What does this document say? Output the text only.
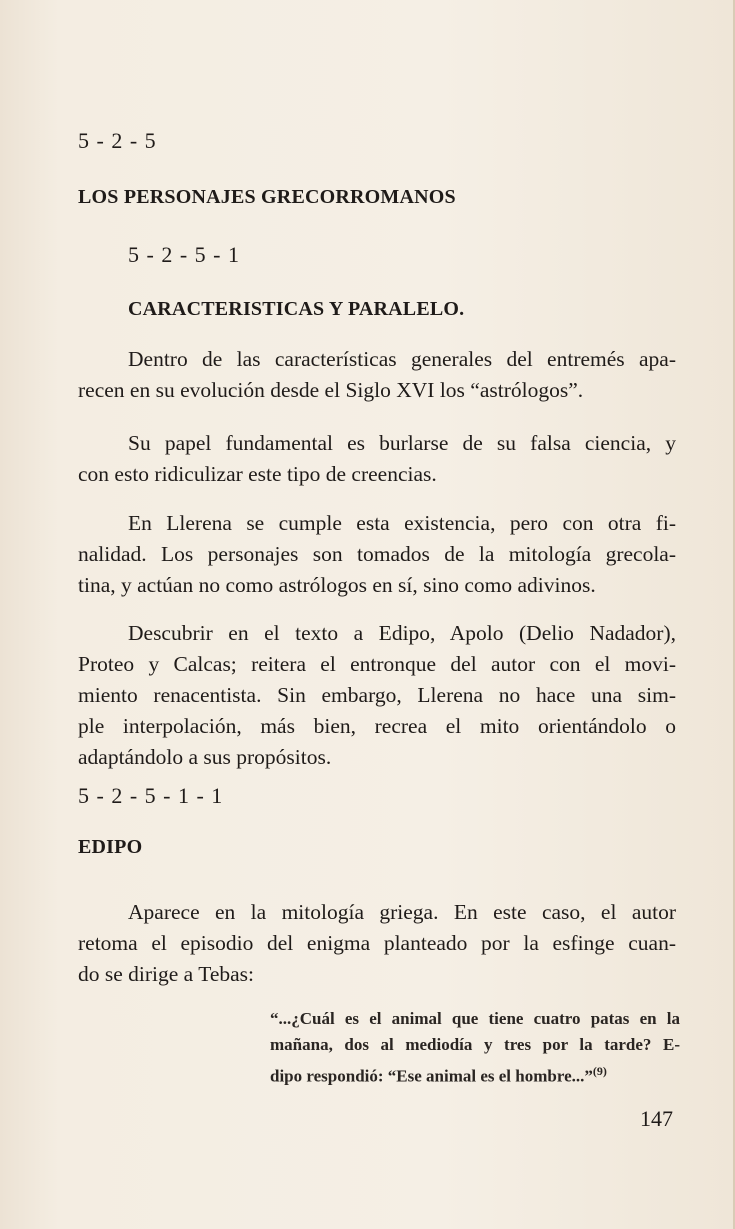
5 - 2 - 5
LOS PERSONAJES GRECORROMANOS
5 - 2 - 5 - 1
CARACTERISTICAS Y PARALELO.
Dentro de las características generales del entremés apa-
recen en su evolución desde el Siglo XVI los “astrólogos”.
Su papel fundamental es burlarse de su falsa ciencia, y
con esto ridiculizar este tipo de creencias.
En Llerena se cumple esta existencia, pero con otra fi-
nalidad. Los personajes son tomados de la mitología grecola-
tina, y actúan no como astrólogos en sí, sino como adivinos.
Descubrir en el texto a Edipo, Apolo (Delio Nadador),
Proteo y Calcas; reitera el entronque del autor con el movi-
miento renacentista. Sin embargo, Llerena no hace una sim-
ple interpolación, más bien, recrea el mito orientándolo o
adaptándolo a sus propósitos.
5 - 2 - 5 - 1 - 1
EDIPO
Aparece en la mitología griega. En este caso, el autor
retoma el episodio del enigma planteado por la esfinge cuan-
do se dirige a Tebas:
“...¿Cuál es el animal que tiene cuatro patas en la
mañana, dos al mediodía y tres por la tarde? E-
dipo respondió: “Ese animal es el hombre...”$^{(9)}$
147
